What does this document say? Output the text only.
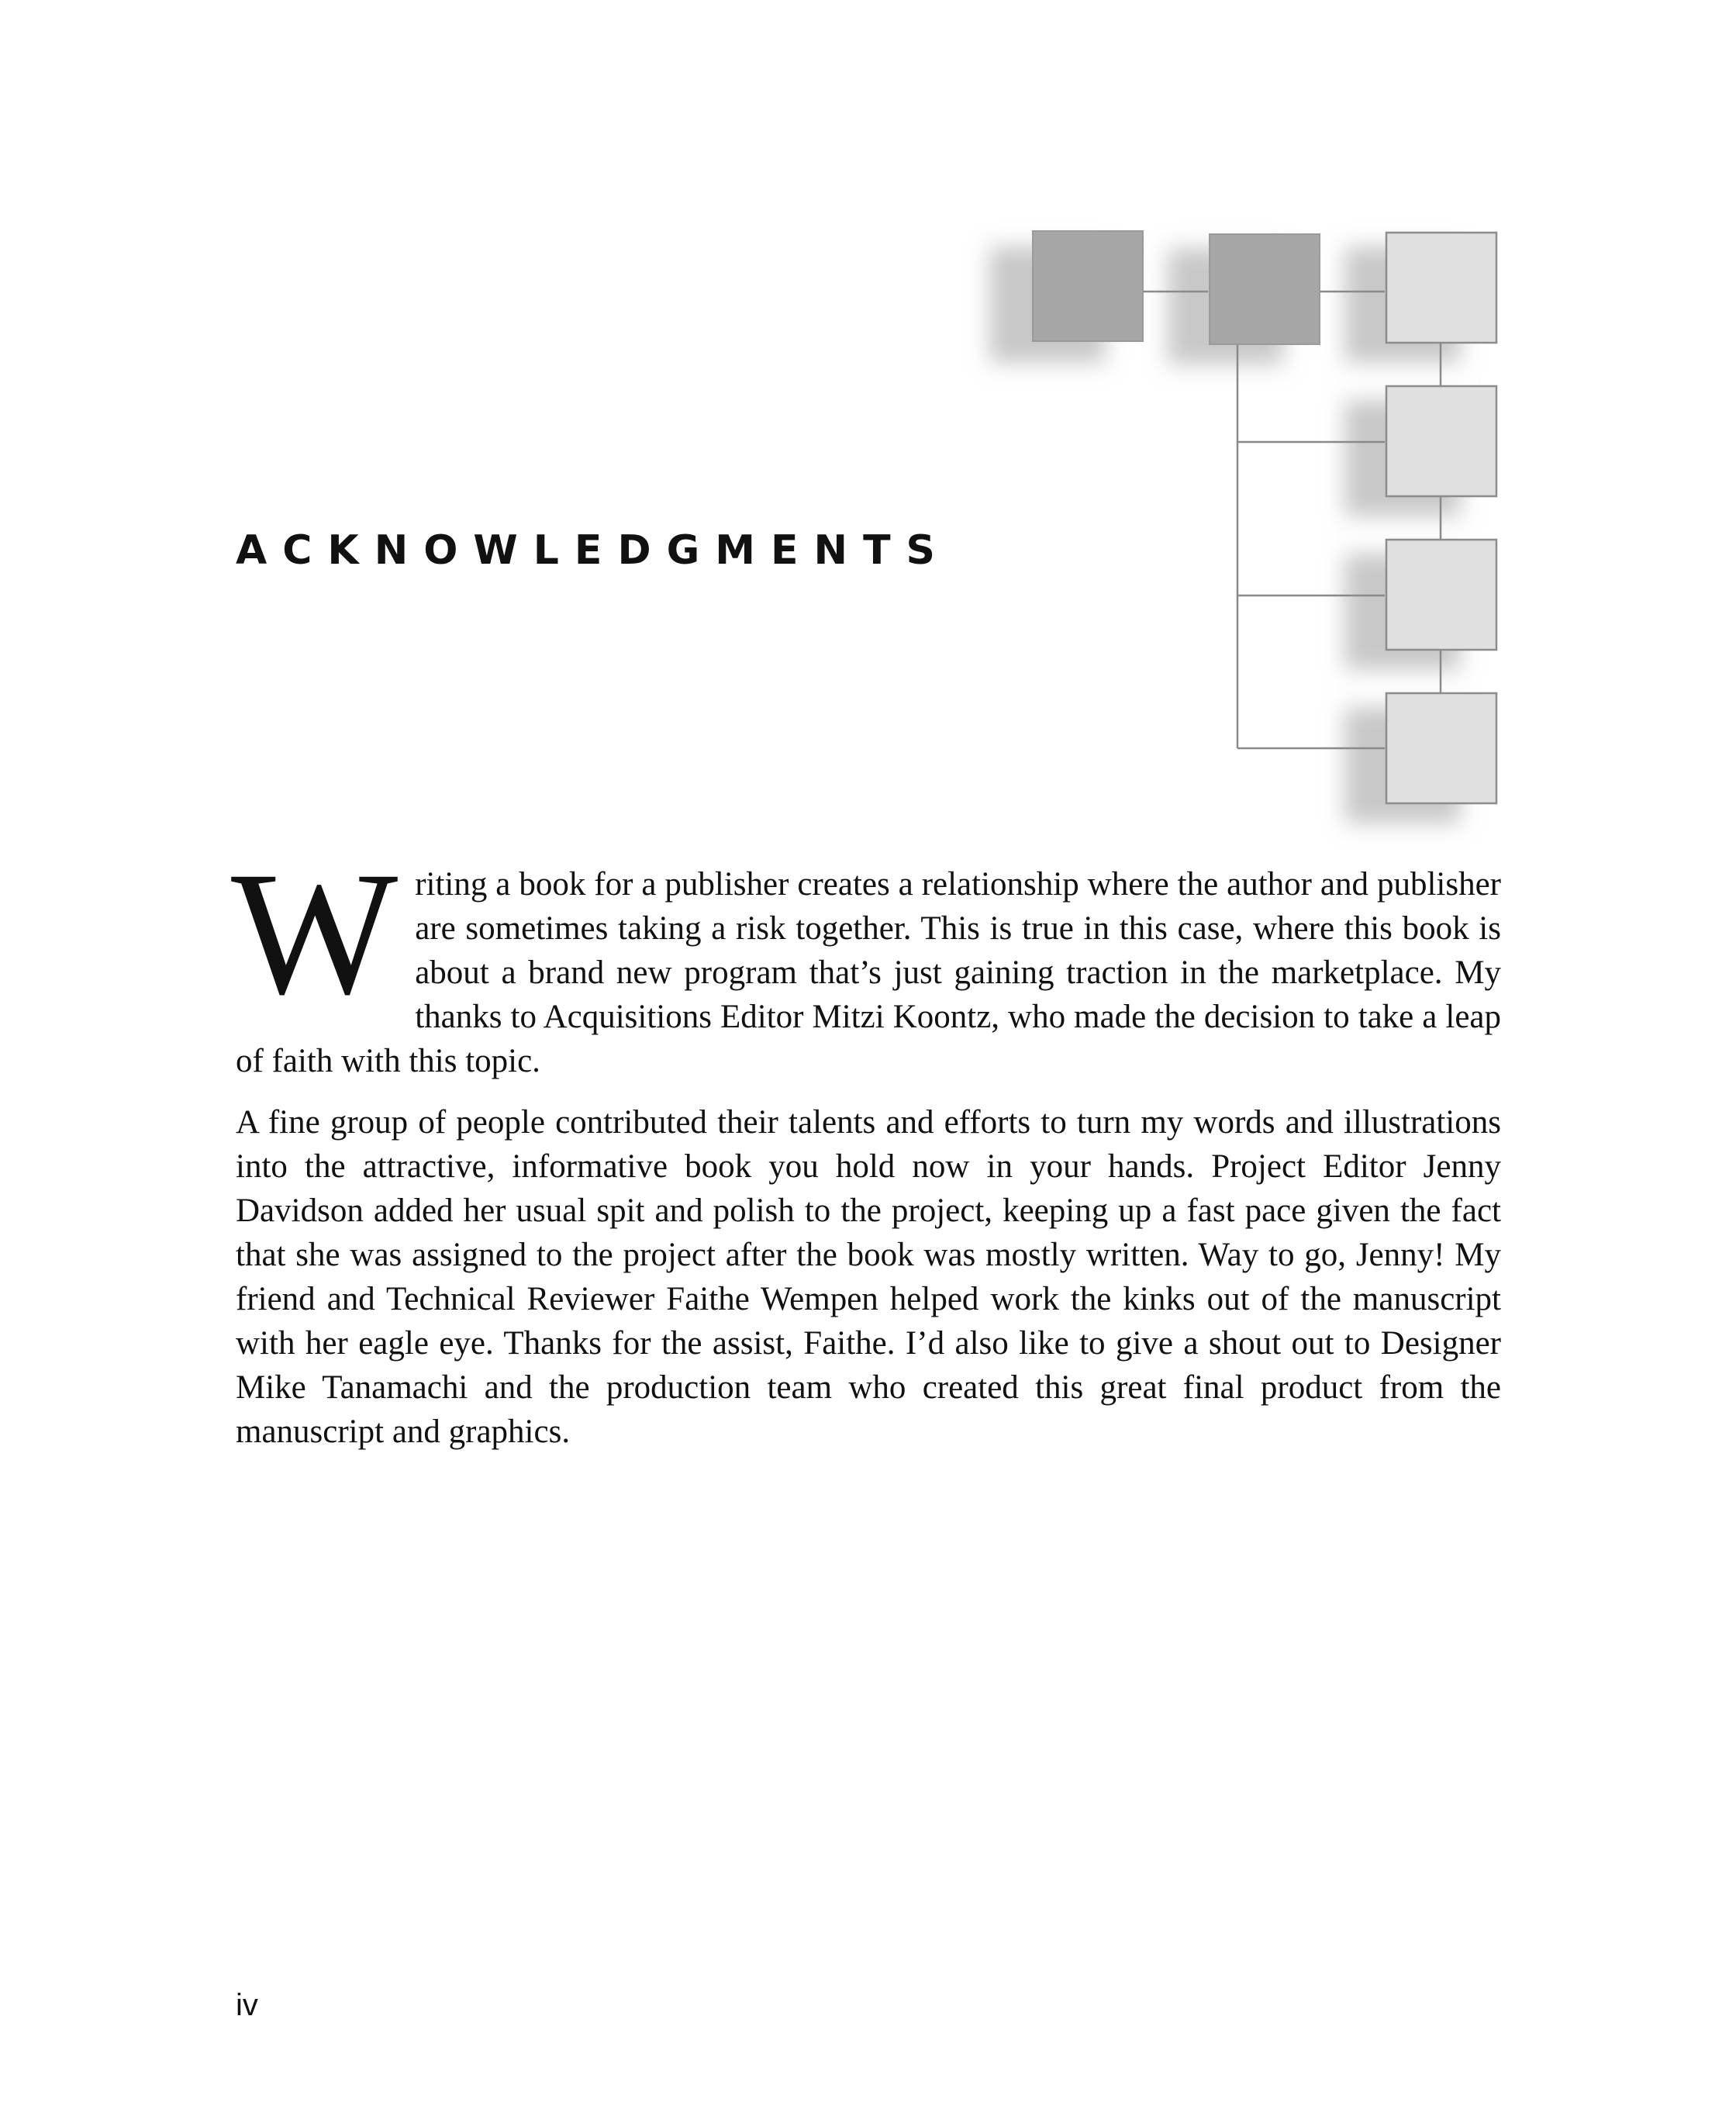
ACKNOWLEDGMENTS

Writing a book for a publisher creates a relationship where the author and publisher are sometimes taking a risk together. This is true in this case, where this book is about a brand new program that’s just gaining traction in the marketplace. My thanks to Acquisitions Editor Mitzi Koontz, who made the decision to take a leap of faith with this topic.

A fine group of people contributed their talents and efforts to turn my words and illustrations into the attractive, informative book you hold now in your hands. Project Editor Jenny Davidson added her usual spit and polish to the project, keeping up a fast pace given the fact that she was assigned to the project after the book was mostly written. Way to go, Jenny! My friend and Technical Reviewer Faithe Wempen helped work the kinks out of the manuscript with her eagle eye. Thanks for the assist, Faithe. I’d also like to give a shout out to Designer Mike Tanamachi and the production team who created this great final product from the manuscript and graphics.

iv
